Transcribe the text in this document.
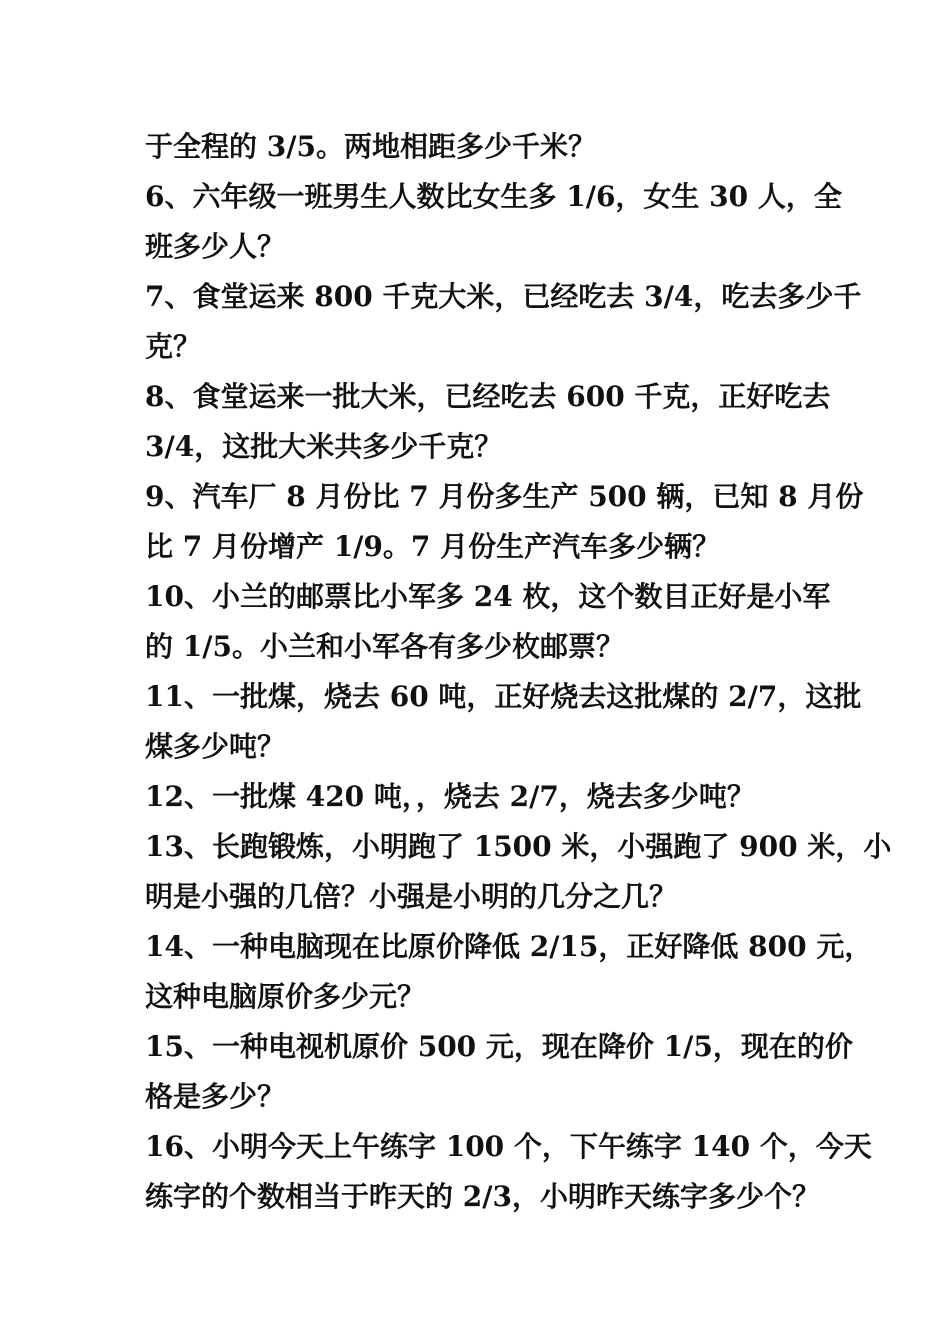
于全程的 3/5。两地相距多少千米？
6、六年级一班男生人数比女生多 1/6，女生 30 人，全
班多少人？
7、食堂运来 800 千克大米，已经吃去 3/4，吃去多少千
克？
8、食堂运来一批大米，已经吃去 600 千克，正好吃去
3/4，这批大米共多少千克？
9、汽车厂 8 月份比 7 月份多生产 500 辆，已知 8 月份
比 7 月份增产 1/9。7 月份生产汽车多少辆？
10、小兰的邮票比小军多 24 枚，这个数目正好是小军
的 1/5。小兰和小军各有多少枚邮票？
11、一批煤，烧去 60 吨，正好烧去这批煤的 2/7，这批
煤多少吨？
12、一批煤 420 吨，，烧去 2/7，烧去多少吨？
13、长跑锻炼，小明跑了 1500 米，小强跑了 900 米，小
明是小强的几倍？小强是小明的几分之几？
14、一种电脑现在比原价降低 2/15，正好降低 800 元，
这种电脑原价多少元？
15、一种电视机原价 500 元，现在降价 1/5，现在的价
格是多少？
16、小明今天上午练字 100 个，下午练字 140 个，今天
练字的个数相当于昨天的 2/3，小明昨天练字多少个？
